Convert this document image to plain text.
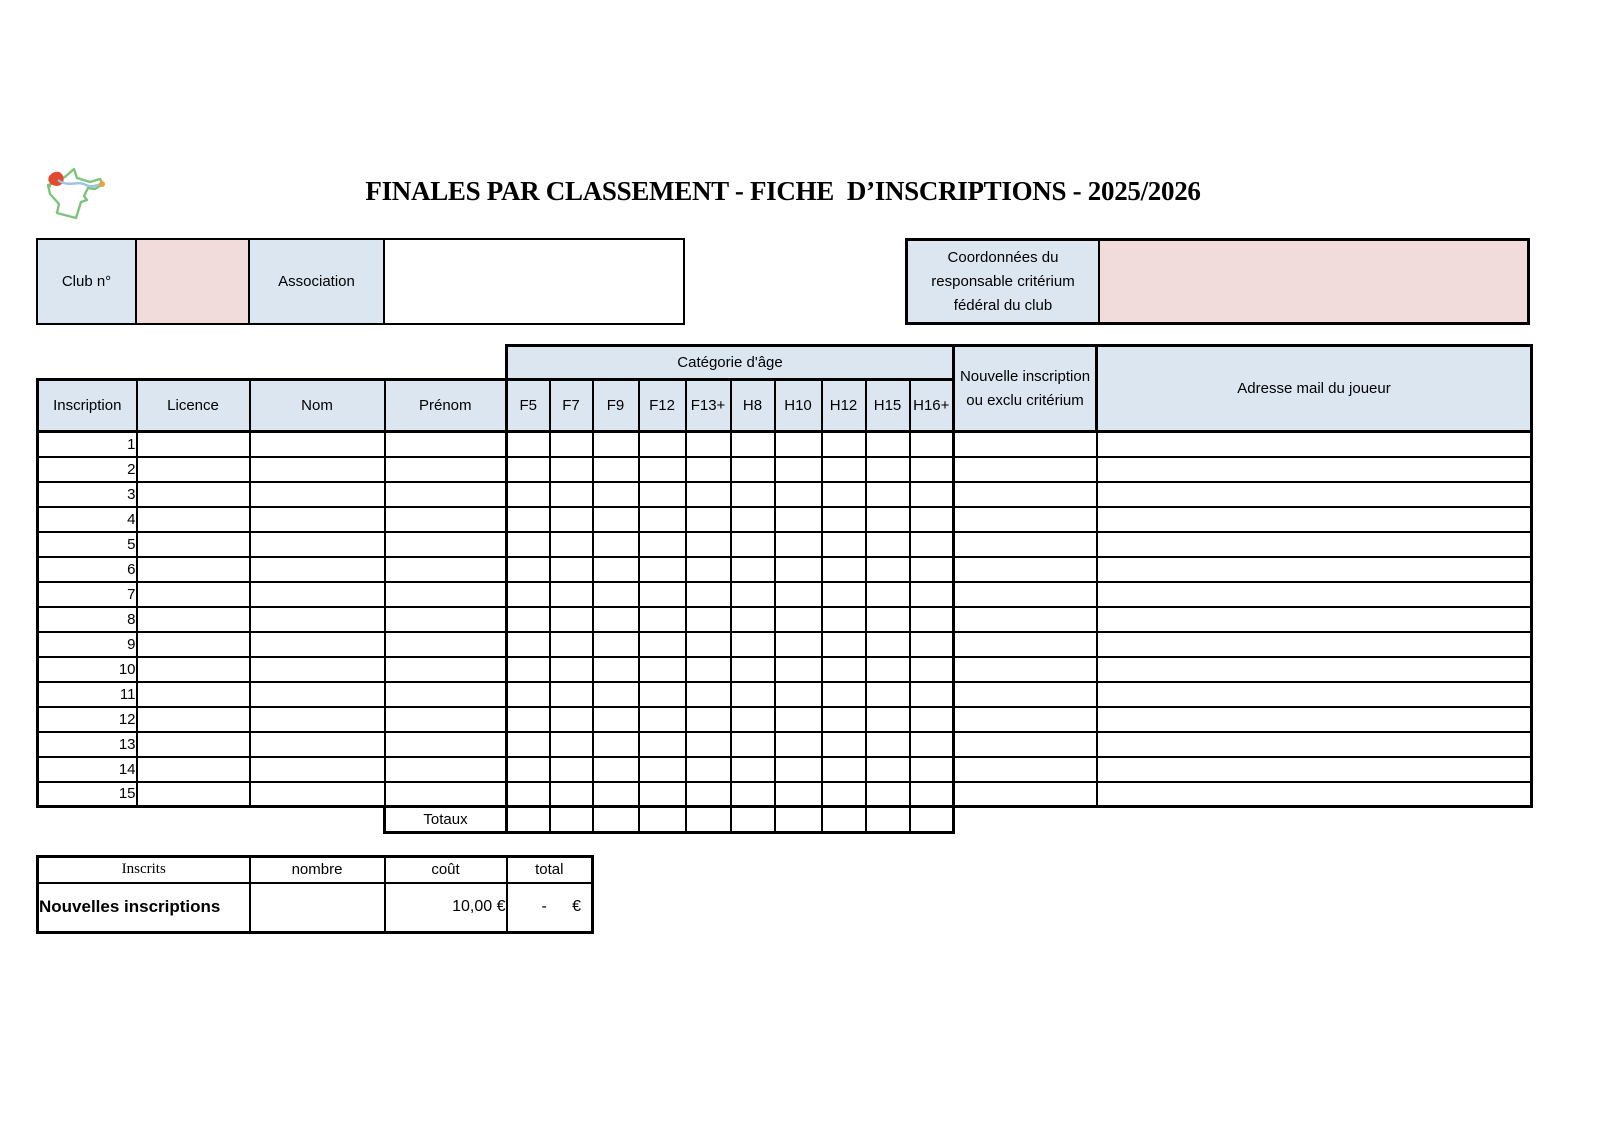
FINALES PAR CLASSEMENT - FICHE  D’INSCRIPTIONS - 2025/2026
Club n°	Association
Coordonnées du responsable critérium fédéral du club
				Catégorie d'âge										Nouvelle inscription ou exclu critérium	Adresse mail du joueur
Inscription	Licence	Nom	Prénom	F5	F7	F9	F12	F13+	H8	H10	H12	H15	H16+		
1															
2															
3															
4															
5															
6															
7															
8															
9															
10															
11															
12															
13															
14															
15															
			Totaux												
Inscrits	nombre	coût	total
Nouvelles inscriptions		10,00 €	- €
